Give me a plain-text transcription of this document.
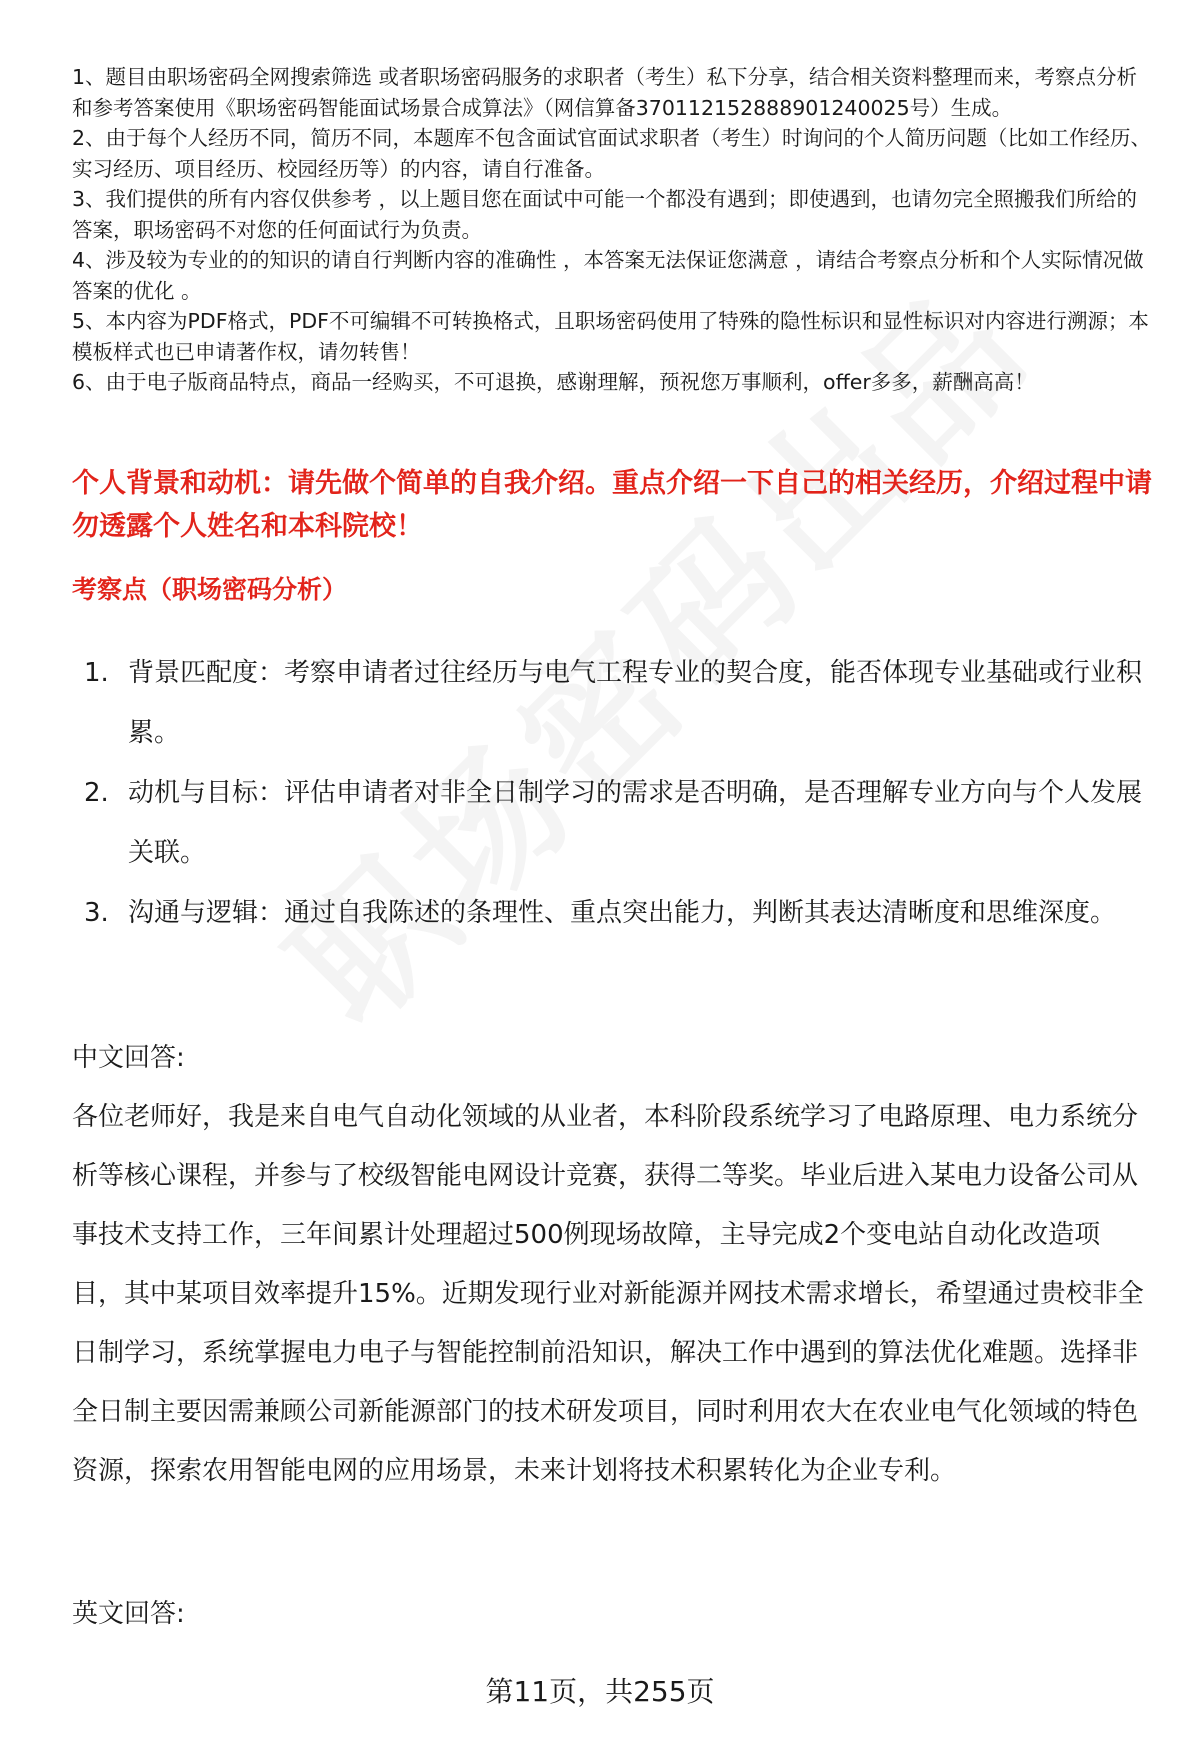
1、题目由职场密码全网搜索筛选 或者职场密码服务的求职者（考生）私下分享，结合相关资料整理而来，考察点分析和参考答案使用《职场密码智能面试场景合成算法》（网信算备370112152888901240025号）生成。

2、由于每个人经历不同，简历不同，本题库不包含面试官面试求职者（考生）时询问的个人简历问题（比如工作经历、实习经历、项目经历、校园经历等）的内容，请自行准备。

3、我们提供的所有内容仅供参考 ，以上题目您在面试中可能一个都没有遇到；即使遇到，也请勿完全照搬我们所给的答案，职场密码不对您的任何面试行为负责。

4、涉及较为专业的的知识的请自行判断内容的准确性 ，本答案无法保证您满意 ，请结合考察点分析和个人实际情况做答案的优化 。

5、本内容为PDF格式，PDF不可编辑不可转换格式，且职场密码使用了特殊的隐性标识和显性标识对内容进行溯源；本模板样式也已申请著作权，请勿转售！

6、由于电子版商品特点，商品一经购买，不可退换，感谢理解，预祝您万事顺利，offer多多，薪酬高高！

个人背景和动机：请先做个简单的自我介绍。重点介绍一下自己的相关经历，介绍过程中请勿透露个人姓名和本科院校！
考察点（职场密码分析）
1. 背景匹配度：考察申请者过往经历与电气工程专业的契合度，能否体现专业基础或行业积累。
2. 动机与目标：评估申请者对非全日制学习的需求是否明确，是否理解专业方向与个人发展关联。
3. 沟通与逻辑：通过自我陈述的条理性、重点突出能力，判断其表达清晰度和思维深度。
中文回答:

各位老师好，我是来自电气自动化领域的从业者，本科阶段系统学习了电路原理、电力系统分析等核心课程，并参与了校级智能电网设计竞赛，获得二等奖。毕业后进入某电力设备公司从事技术支持工作，三年间累计处理超过500例现场故障，主导完成2个变电站自动化改造项目，其中某项目效率提升15%。近期发现行业对新能源并网技术需求增长，希望通过贵校非全日制学习，系统掌握电力电子与智能控制前沿知识，解决工作中遇到的算法优化难题。选择非全日制主要因需兼顾公司新能源部门的技术研发项目，同时利用农大在农业电气化领域的特色资源，探索农用智能电网的应用场景，未来计划将技术积累转化为企业专利。

英文回答:
第11页，共255页
